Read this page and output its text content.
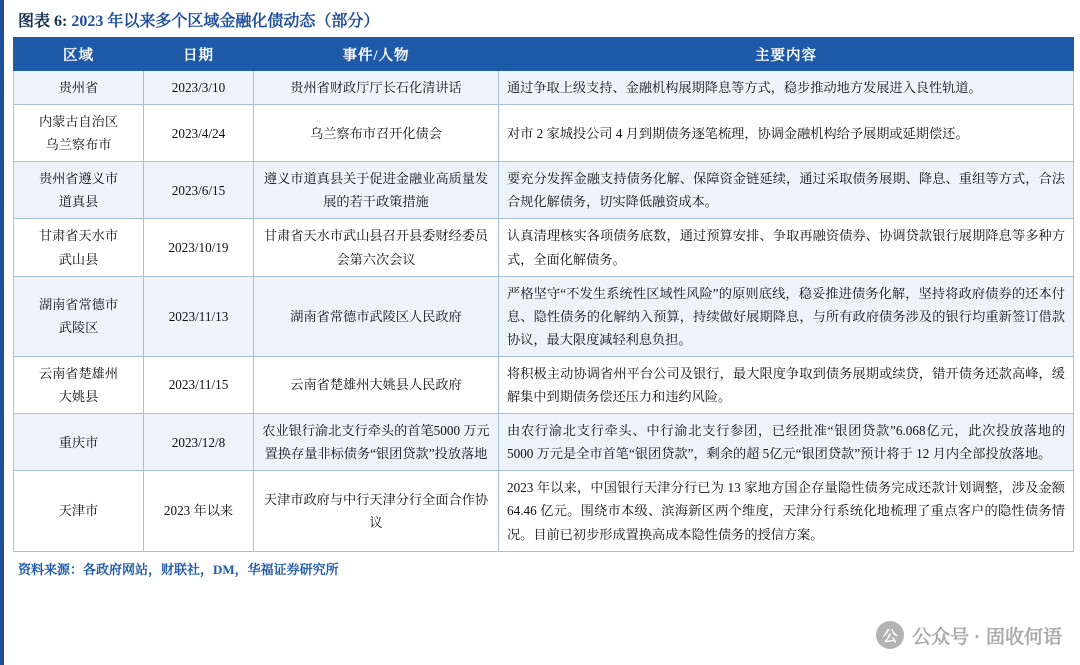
图表 6: 2023 年以来多个区域金融化债动态（部分）
区域	日期	事件/人物	主要内容
贵州省	2023/3/10	贵州省财政厅厅长石化清讲话	通过争取上级支持、金融机构展期降息等方式，稳步推动地方发展进入良性轨道。
内蒙古自治区
乌兰察布市	2023/4/24	乌兰察布市召开化债会	对市 2 家城投公司 4 月到期债务逐笔梳理，协调金融机构给予展期或延期偿还。
贵州省遵义市
道真县	2023/6/15	遵义市道真县关于促进金融业高质量发展的若干政策措施	要充分发挥金融支持债务化解、保障资金链延续，通过采取债务展期、降息、重组等方式，合法合规化解债务，切实降低融资成本。
甘肃省天水市
武山县	2023/10/19	甘肃省天水市武山县召开县委财经委员会第六次会议	认真清理核实各项债务底数，通过预算安排、争取再融资债券、协调贷款银行展期降息等多种方式，全面化解债务。
湖南省常德市
武陵区	2023/11/13	湖南省常德市武陵区人民政府	严格坚守“不发生系统性区域性风险”的原则底线，稳妥推进债务化解，坚持将政府债券的还本付息、隐性债务的化解纳入预算，持续做好展期降息，与所有政府债务涉及的银行均重新签订借款协议，最大限度减轻利息负担。
云南省楚雄州
大姚县	2023/11/15	云南省楚雄州大姚县人民政府	将积极主动协调省州平台公司及银行，最大限度争取到债务展期或续贷，错开债务还款高峰，缓解集中到期债务偿还压力和违约风险。
重庆市	2023/12/8	农业银行渝北支行牵头的首笔5000 万元置换存量非标债务“银团贷款”投放落地	由农行渝北支行牵头、中行渝北支行参团，已经批准“银团贷款”6.068亿元，此次投放落地的 5000 万元是全市首笔“银团贷款”，剩余的超 5亿元“银团贷款”预计将于 12 月内全部投放落地。
天津市	2023 年以来	天津市政府与中行天津分行全面合作协议	2023 年以来，中国银行天津分行已为 13 家地方国企存量隐性债务完成还款计划调整，涉及金额 64.46 亿元。围绕市本级、滨海新区两个维度，天津分行系统化地梳理了重点客户的隐性债务情况。目前已初步形成置换高成本隐性债务的授信方案。
资料来源：各政府网站，财联社，DM，华福证券研究所
公 公众号 · 固收何语
